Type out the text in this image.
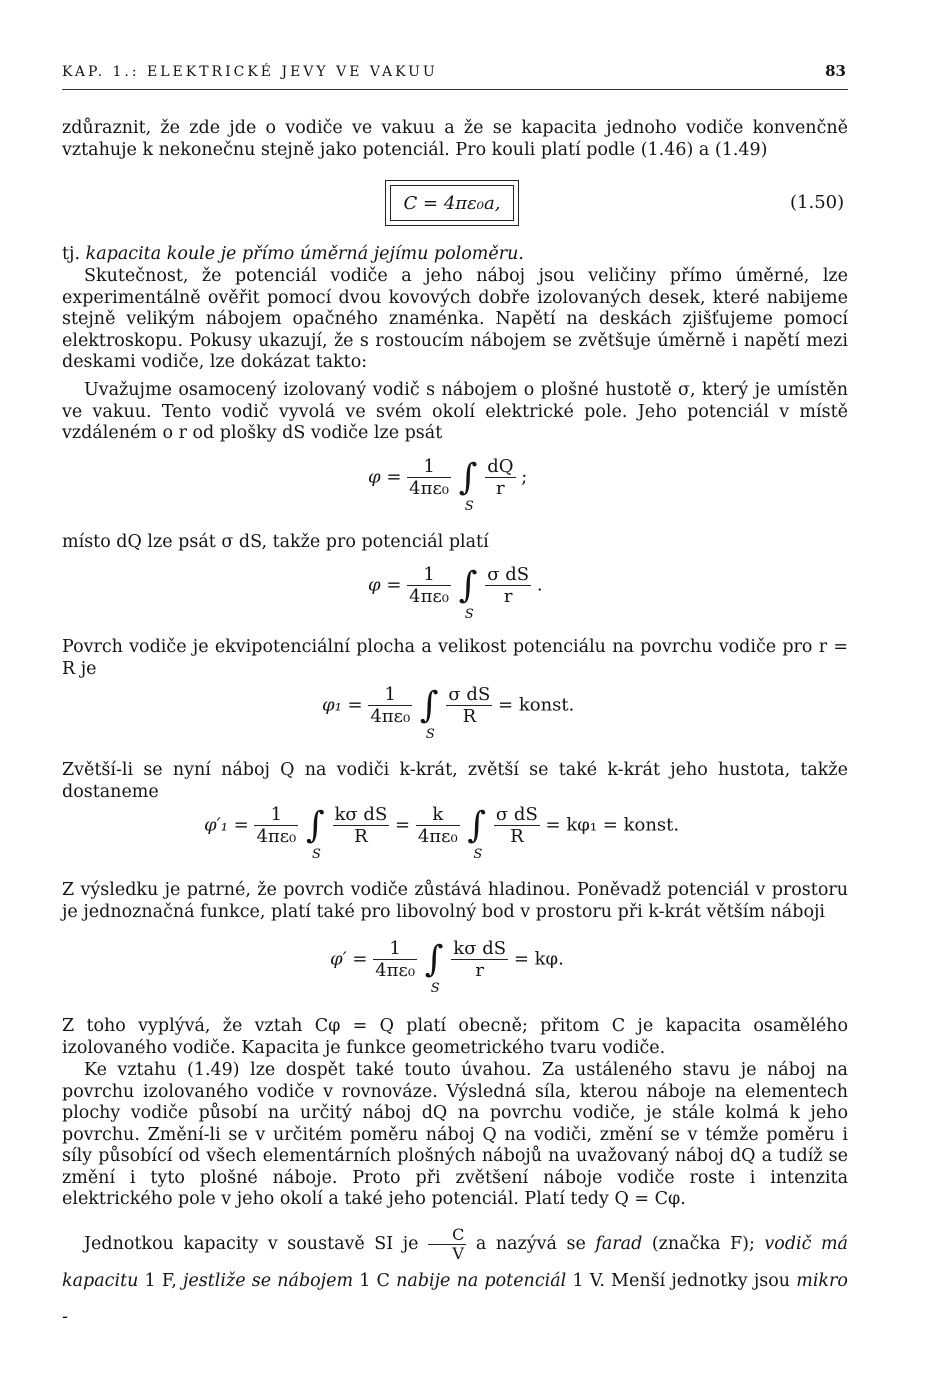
KAP. 1.: ELEKTRICKÉ JEVY VE VAKUU	83

zdůraznit, že zde jde o vodiče ve vakuu a že se kapacita jednoho vodiče konvenčně vztahuje k nekonečnu stejně jako potenciál. Pro kouli platí podle (1.46) a (1.49)

C = 4πε₀a,	(1.50)

tj. kapacita koule je přímo úměrná jejímu poloměru.

Skutečnost, že potenciál vodiče a jeho náboj jsou veličiny přímo úměrné, lze experimentálně ověřit pomocí dvou kovových dobře izolovaných desek, které nabijeme stejně velikým nábojem opačného znaménka. Napětí na deskách zjišťujeme pomocí elektroskopu. Pokusy ukazují, že s rostoucím nábojem se zvětšuje úměrně i napětí mezi deskami vodiče, lze dokázat takto:

Uvažujme osamocený izolovaný vodič s nábojem o plošné hustotě σ, který je umístěn ve vakuu. Tento vodič vyvolá ve svém okolí elektrické pole. Jeho potenciál v místě vzdáleném o r od plošky dS vodiče lze psát

$\varphi = \frac{1}{\text{4πε₀}}$ ∫
S

$\frac{dQ}{r}$ ;

místo dQ lze psát σ dS, takže pro potenciál platí

$\varphi = \frac{1}{\text{4πε₀}}$ ∫
S

$\frac{\text{σ dS}}{r}$ .

Povrch vodiče je ekvipotenciální plocha a velikost potenciálu na povrchu vodiče pro r = R je

$\varphi_1 = \frac{1}{\text{4πε₀}}$ ∫
S

$\frac{\text{σ dS}}{R}$ = konst.

Zvětší-li se nyní náboj Q na vodiči k-krát, zvětší se také k-krát jeho hustota, takže dostaneme

$\varphi'_1 = \frac{1}{\text{4πε₀}}$ ∫
S

$\frac{\text{kσ dS}}{R} = \frac{k}{\text{4πε₀}}$ ∫
S

$\frac{\text{σ dS}}{R} = k\varphi_1$ = konst.

Z výsledku je patrné, že povrch vodiče zůstává hladinou. Poněvadž potenciál v prostoru je jednoznačná funkce, platí také pro libovolný bod v prostoru při k-krát větším náboji

$\varphi' = \frac{1}{\text{4πε₀}}$ ∫
S

$\frac{\text{kσ dS}}{r} = k\varphi$.

Z toho vyplývá, že vztah Cφ = Q platí obecně; přitom C je kapacita osamělého izolovaného vodiče. Kapacita je funkce geometrického tvaru vodiče.

Ke vztahu (1.49) lze dospět také touto úvahou. Za ustáleného stavu je náboj na povrchu izolovaného vodiče v rovnováze. Výsledná síla, kterou náboje na elementech plochy vodiče působí na určitý náboj dQ na povrchu vodiče, je stále kolmá k jeho povrchu. Změní-li se v určitém poměru náboj Q na vodiči, změní se v témže poměru i síly působící od všech elementárních plošných nábojů na uvažovaný náboj dQ a tudíž se změní i tyto plošné náboje. Proto při zvětšení náboje vodiče roste i intenzita elektrického pole v jeho okolí a také jeho potenciál. Platí tedy Q = Cφ.

Jednotkou kapacity v soustavě SI je $\frac{C}{V}$ a nazývá se farad (značka F); vodič má kapacitu 1 F, jestliže se nábojem 1 C nabije na potenciál 1 V. Menší jednotky jsou mikro -
